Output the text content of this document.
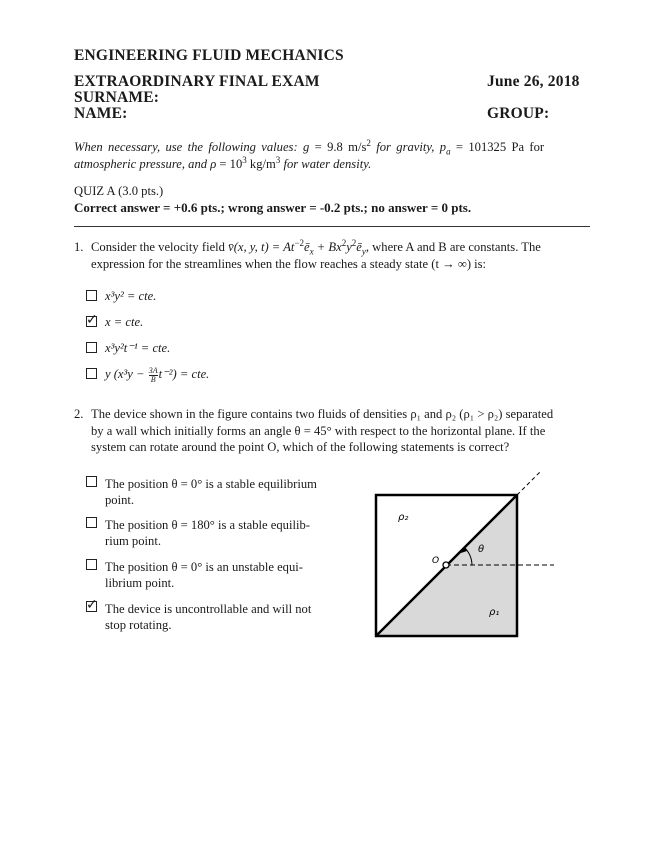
ENGINEERING FLUID MECHANICS
EXTRAORDINARY FINAL EXAM	June 26, 2018
SURNAME:
NAME:	GROUP:
When necessary, use the following values: g = 9.8 $m/s^2$ for gravity, $p_a = 101325$ Pa for
atmospheric pressure, and $\rho = 10^3$ $kg/m^3$ for water density.
QUIZ A (3.0 pts.)
Correct answer = +0.6 pts.; wrong answer = -0.2 pts.; no answer = 0 pts.
1. Consider the velocity field v̄(x, y, $t) = At^{-2}ē_x$ + $Bx^2y^2ē_y$, where A and B are constants. The
expression for the streamlines when the flow reaches a steady state (t → ∞) is:
x³y² = cte.
✓ x = cte.
x³y²t⁻¹ = cte.
y $(x^3y - \frac{3A}{B} t^{-2})$ = cte.
2. The device shown in the figure contains two fluids of densities ρ₁ and ρ₂ (ρ₁ > ρ₂) separated
by a wall which initially forms an angle θ = 45° with respect to the horizontal plane. If the
system can rotate around the point O, which of the following statements is correct?
The position θ = 0° is a stable equilibrium
point.
The position θ = 180° is a stable equilib-
rium point.
The position θ = 0° is an unstable equi-
librium point.
✓ The device is uncontrollable and will not
stop rotating.
ρ₂
ρ₁
O
θ
